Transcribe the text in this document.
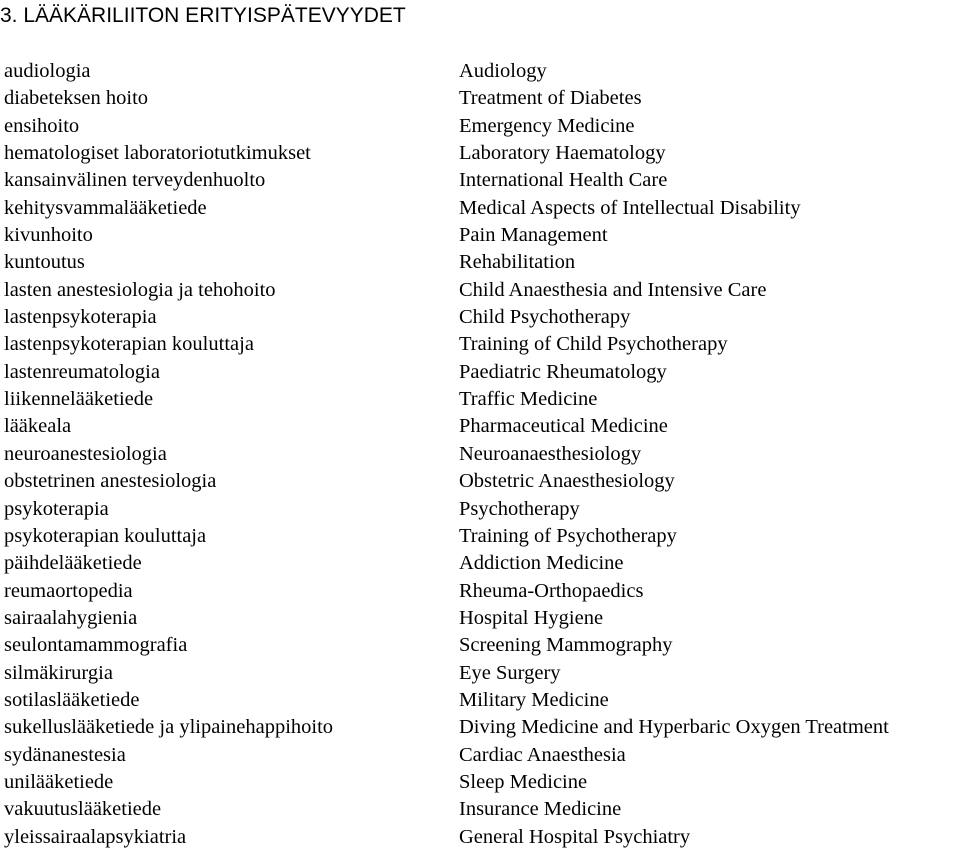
3. LÄÄKÄRILIITON ERITYISPÄTEVYYDET
audiologia
diabeteksen hoito
ensihoito
hematologiset laboratoriotutkimukset
kansainvälinen terveydenhuolto
kehitysvammalääketiede
kivunhoito
kuntoutus
lasten anestesiologia ja tehohoito
lastenpsykoterapia
lastenpsykoterapian kouluttaja
lastenreumatologia
liikennelääketiede
lääkeala
neuroanestesiologia
obstetrinen anestesiologia
psykoterapia
psykoterapian kouluttaja
päihdelääketiede
reumaortopedia
sairaalahygienia
seulontamammografia
silmäkirurgia
sotilaslääketiede
sukelluslääketiede ja ylipainehappihoito
sydänanestesia
unilääketiede
vakuutuslääketiede
yleissairaalapsykiatria
Audiology
Treatment of Diabetes
Emergency Medicine
Laboratory Haematology
International Health Care
Medical Aspects of Intellectual Disability
Pain Management
Rehabilitation
Child Anaesthesia and Intensive Care
Child Psychotherapy
Training of Child Psychotherapy
Paediatric Rheumatology
Traffic Medicine
Pharmaceutical Medicine
Neuroanaesthesiology
Obstetric Anaesthesiology
Psychotherapy
Training of Psychotherapy
Addiction Medicine
Rheuma-Orthopaedics
Hospital Hygiene
Screening Mammography
Eye Surgery
Military Medicine
Diving Medicine and Hyperbaric Oxygen Treatment
Cardiac Anaesthesia
Sleep Medicine
Insurance Medicine
General Hospital Psychiatry
